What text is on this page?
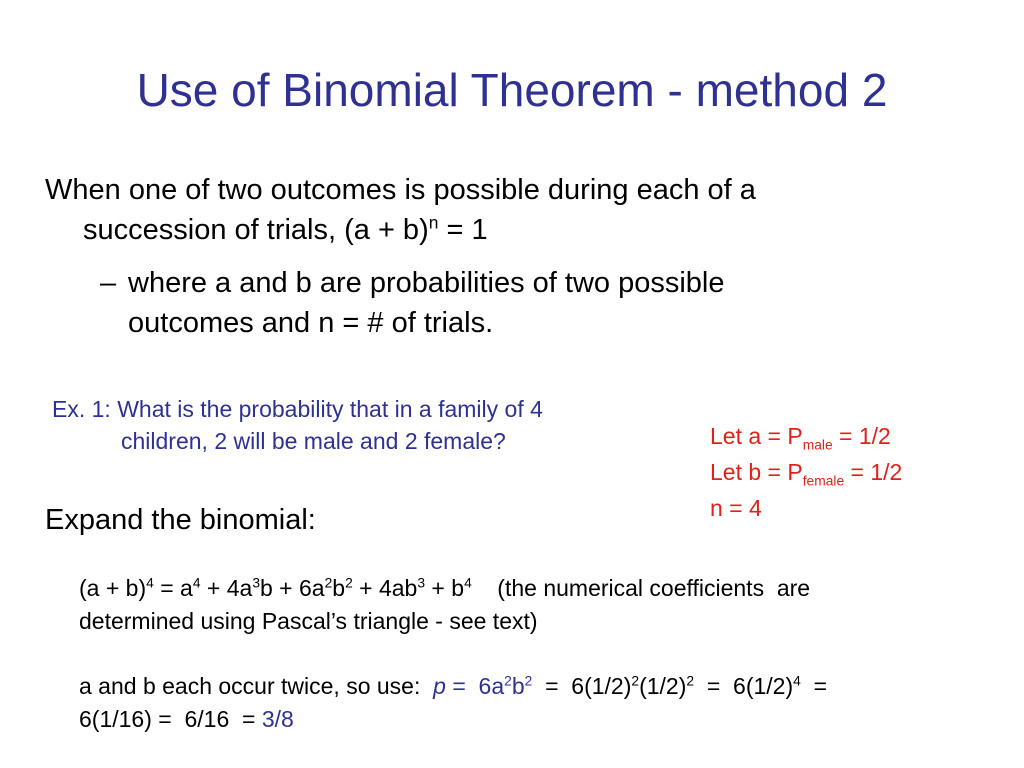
Use of Binomial Theorem - method 2
When one of two outcomes is possible during each of a
succession of trials, $(a + b)^n = 1$
– where a and b are probabilities of two possible
outcomes and n = # of trials.
Ex. 1: What is the probability that in a family of 4
children, 2 will be male and 2 female?	Let $a = P_{male} = 1/2$
Let $b = P_{female} = 1/2$
n = 4
Expand the binomial:
$(a + b)^4 = a^4 + 4a^3b + 6a^2b^2 + 4ab^3 + b^4$    (the numerical coefficients  are
determined using Pascal’s triangle - see text)
a and b each occur twice, so use:  $p = 6a^2b^2 = 6(1/2)^2(1/2)^2 = 6(1/2)^4$  =
6(1/16) =  6/16  = 3/8
